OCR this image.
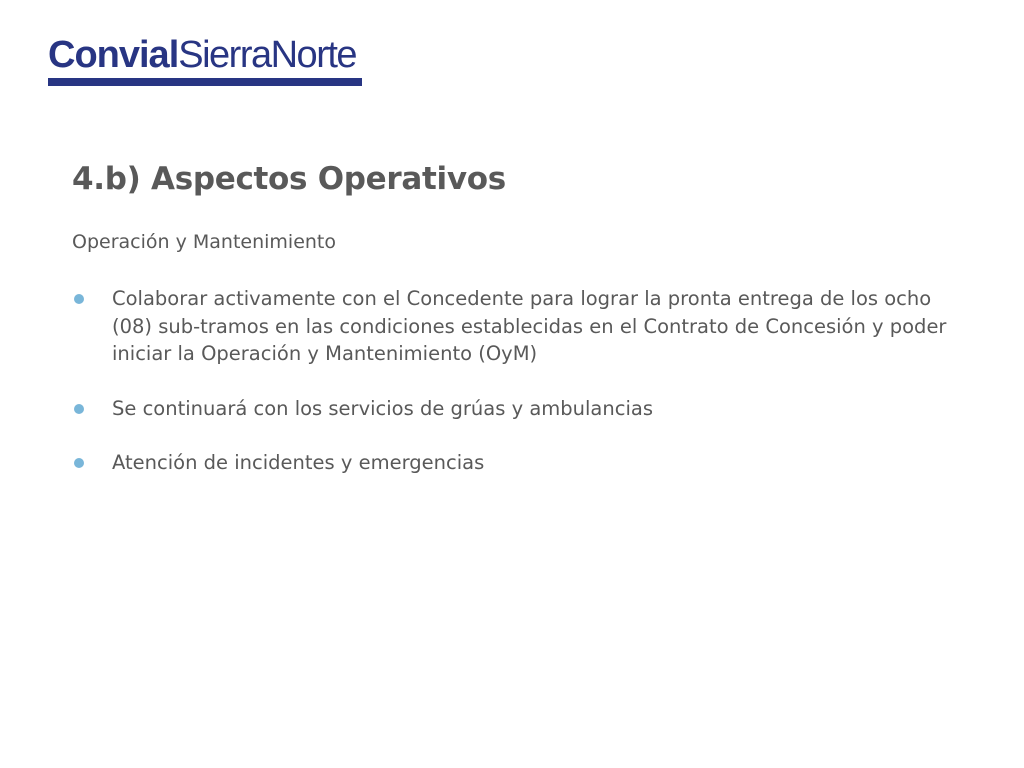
ConvialSierraNorte
4.b) Aspectos Operativos
Operación y Mantenimiento
Colaborar activamente con el Concedente para lograr la pronta entrega de los ocho (08) sub-tramos en las condiciones establecidas en el Contrato de Concesión y poder iniciar la Operación y Mantenimiento (OyM)
Se continuará con los servicios de grúas y ambulancias
Atención de incidentes y emergencias
